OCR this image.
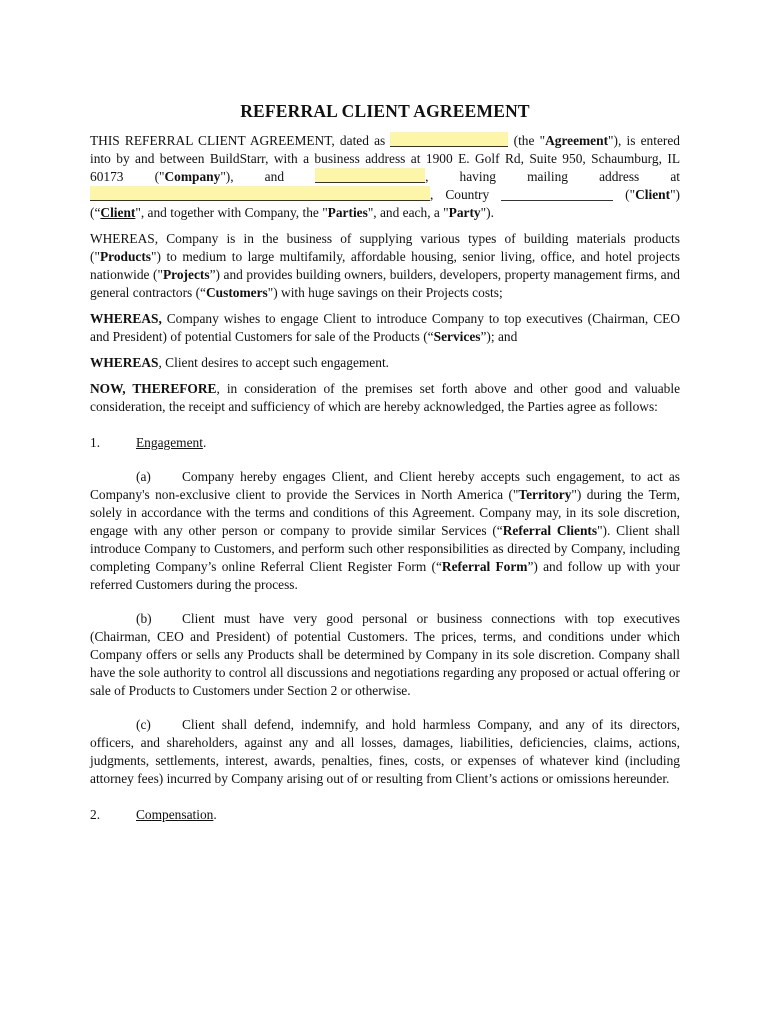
REFERRAL CLIENT AGREEMENT

THIS REFERRAL CLIENT AGREEMENT, dated as	(the "Agreement"), is entered into by and between BuildStarr, with a business address at 1900 E. Golf Rd, Suite 950, Schaumburg, IL 60173 ("Company"), and	, having mailing address at , Country	("Client") (“Client", and together with Company, the "Parties", and each, a "Party").

WHEREAS, Company is in the business of supplying various types of building materials products ("Products") to medium to large multifamily, affordable housing, senior living, office, and hotel projects nationwide ("Projects”) and provides building owners, builders, developers, property management firms, and general contractors (“Customers") with huge savings on their Projects costs;

WHEREAS, Company wishes to engage Client to introduce Company to top executives (Chairman, CEO and President) of potential Customers for sale of the Products (“Services”); and

WHEREAS, Client desires to accept such engagement.

NOW, THEREFORE, in consideration of the premises set forth above and other good and valuable consideration, the receipt and sufficiency of which are hereby acknowledged, the Parties agree as follows:

1.	Engagement.

(a) Company hereby engages Client, and Client hereby accepts such engagement, to act as Company's non-exclusive client to provide the Services in North America ("Territory") during the Term, solely in accordance with the terms and conditions of this Agreement. Company may, in its sole discretion, engage with any other person or company to provide similar Services (“Referral Clients"). Client shall introduce Company to Customers, and perform such other responsibilities as directed by Company, including completing Company’s online Referral Client Register Form (“Referral Form”) and follow up with your referred Customers during the process.

(b) Client must have very good personal or business connections with top executives (Chairman, CEO and President) of potential Customers. The prices, terms, and conditions under which Company offers or sells any Products shall be determined by Company in its sole discretion. Company shall have the sole authority to control all discussions and negotiations regarding any proposed or actual offering or sale of Products to Customers under Section 2 or otherwise.

(c) Client shall defend, indemnify, and hold harmless Company, and any of its directors, officers, and shareholders, against any and all losses, damages, liabilities, deficiencies, claims, actions, judgments, settlements, interest, awards, penalties, fines, costs, or expenses of whatever kind (including attorney fees) incurred by Company arising out of or resulting from Client’s actions or omissions hereunder.

2.	Compensation.
